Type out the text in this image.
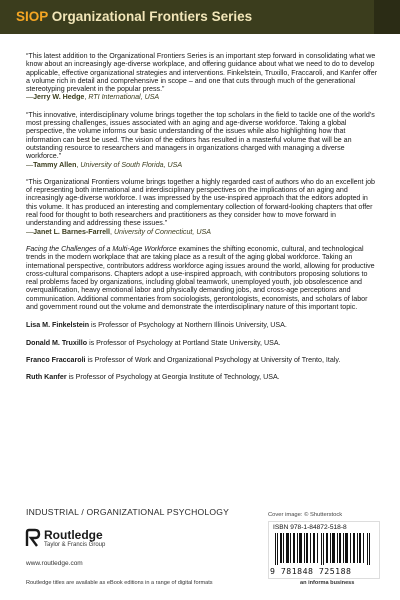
SIOP Organizational Frontiers Series

“This latest addition to the Organizational Frontiers Series is an important step forward in consolidating what we know about an increasingly age-diverse workplace, and offering guidance about what we need to do to develop applicable, effective organizational strategies and interventions. Finkelstein, Truxillo, Fraccaroli, and Kanfer offer a volume rich in detail and comprehensive in scope – and one that cuts through much of the generational stereotyping prevalent in the popular press.”

—Jerry W. Hedge, RTI International, USA

“This innovative, interdisciplinary volume brings together the top scholars in the field to tackle one of the world’s most pressing challenges, issues associated with an aging and age-diverse workforce. Taking a global perspective, the volume informs our basic understanding of the issues while also highlighting how that information can best be used. The vision of the editors has resulted in a masterful volume that will be an outstanding resource to researchers and managers in organizations charged with managing a diverse workforce.”

—Tammy Allen, University of South Florida, USA

“This Organizational Frontiers volume brings together a highly regarded cast of authors who do an excellent job of representing both international and interdisciplinary perspectives on the implications of an aging and increasingly age-diverse workforce. I was impressed by the use-inspired approach that the editors adopted in this volume. It has produced an interesting and complementary collection of forward-looking chapters that offer real food for thought to both researchers and practitioners as they consider how to move forward in understanding and addressing these issues.”

—Janet L. Barnes-Farrell, University of Connecticut, USA

Facing the Challenges of a Multi-Age Workforce examines the shifting economic, cultural, and technological trends in the modern workplace that are taking place as a result of the aging global workforce. Taking an international perspective, contributors address workforce aging issues around the world, allowing for productive cross-cultural comparisons. Chapters adopt a use-inspired approach, with contributors proposing solutions to real problems faced by organizations, including global teamwork, unemployed youth, job obsolescence and overqualification, heavy emotional labor and physically demanding jobs, and cross-age perceptions and communication. Additional commentaries from sociologists, gerontologists, economists, and scholars of labor and government round out the volume and demonstrate the interdisciplinary nature of this important topic.

Lisa M. Finkelstein is Professor of Psychology at Northern Illinois University, USA.

Donald M. Truxillo is Professor of Psychology at Portland State University, USA.

Franco Fraccaroli is Professor of Work and Organizational Psychology at University of Trento, Italy.

Ruth Kanfer is Professor of Psychology at Georgia Institute of Technology, USA.

INDUSTRIAL / ORGANIZATIONAL PSYCHOLOGY
Routledge
Taylor & Francis Group
www.routledge.com
Routledge titles are available as eBook editions in a range of digital formats
Cover image: © Shutterstock
ISBN 978-1-84872-518-8
9 781848 725188
an informa business
